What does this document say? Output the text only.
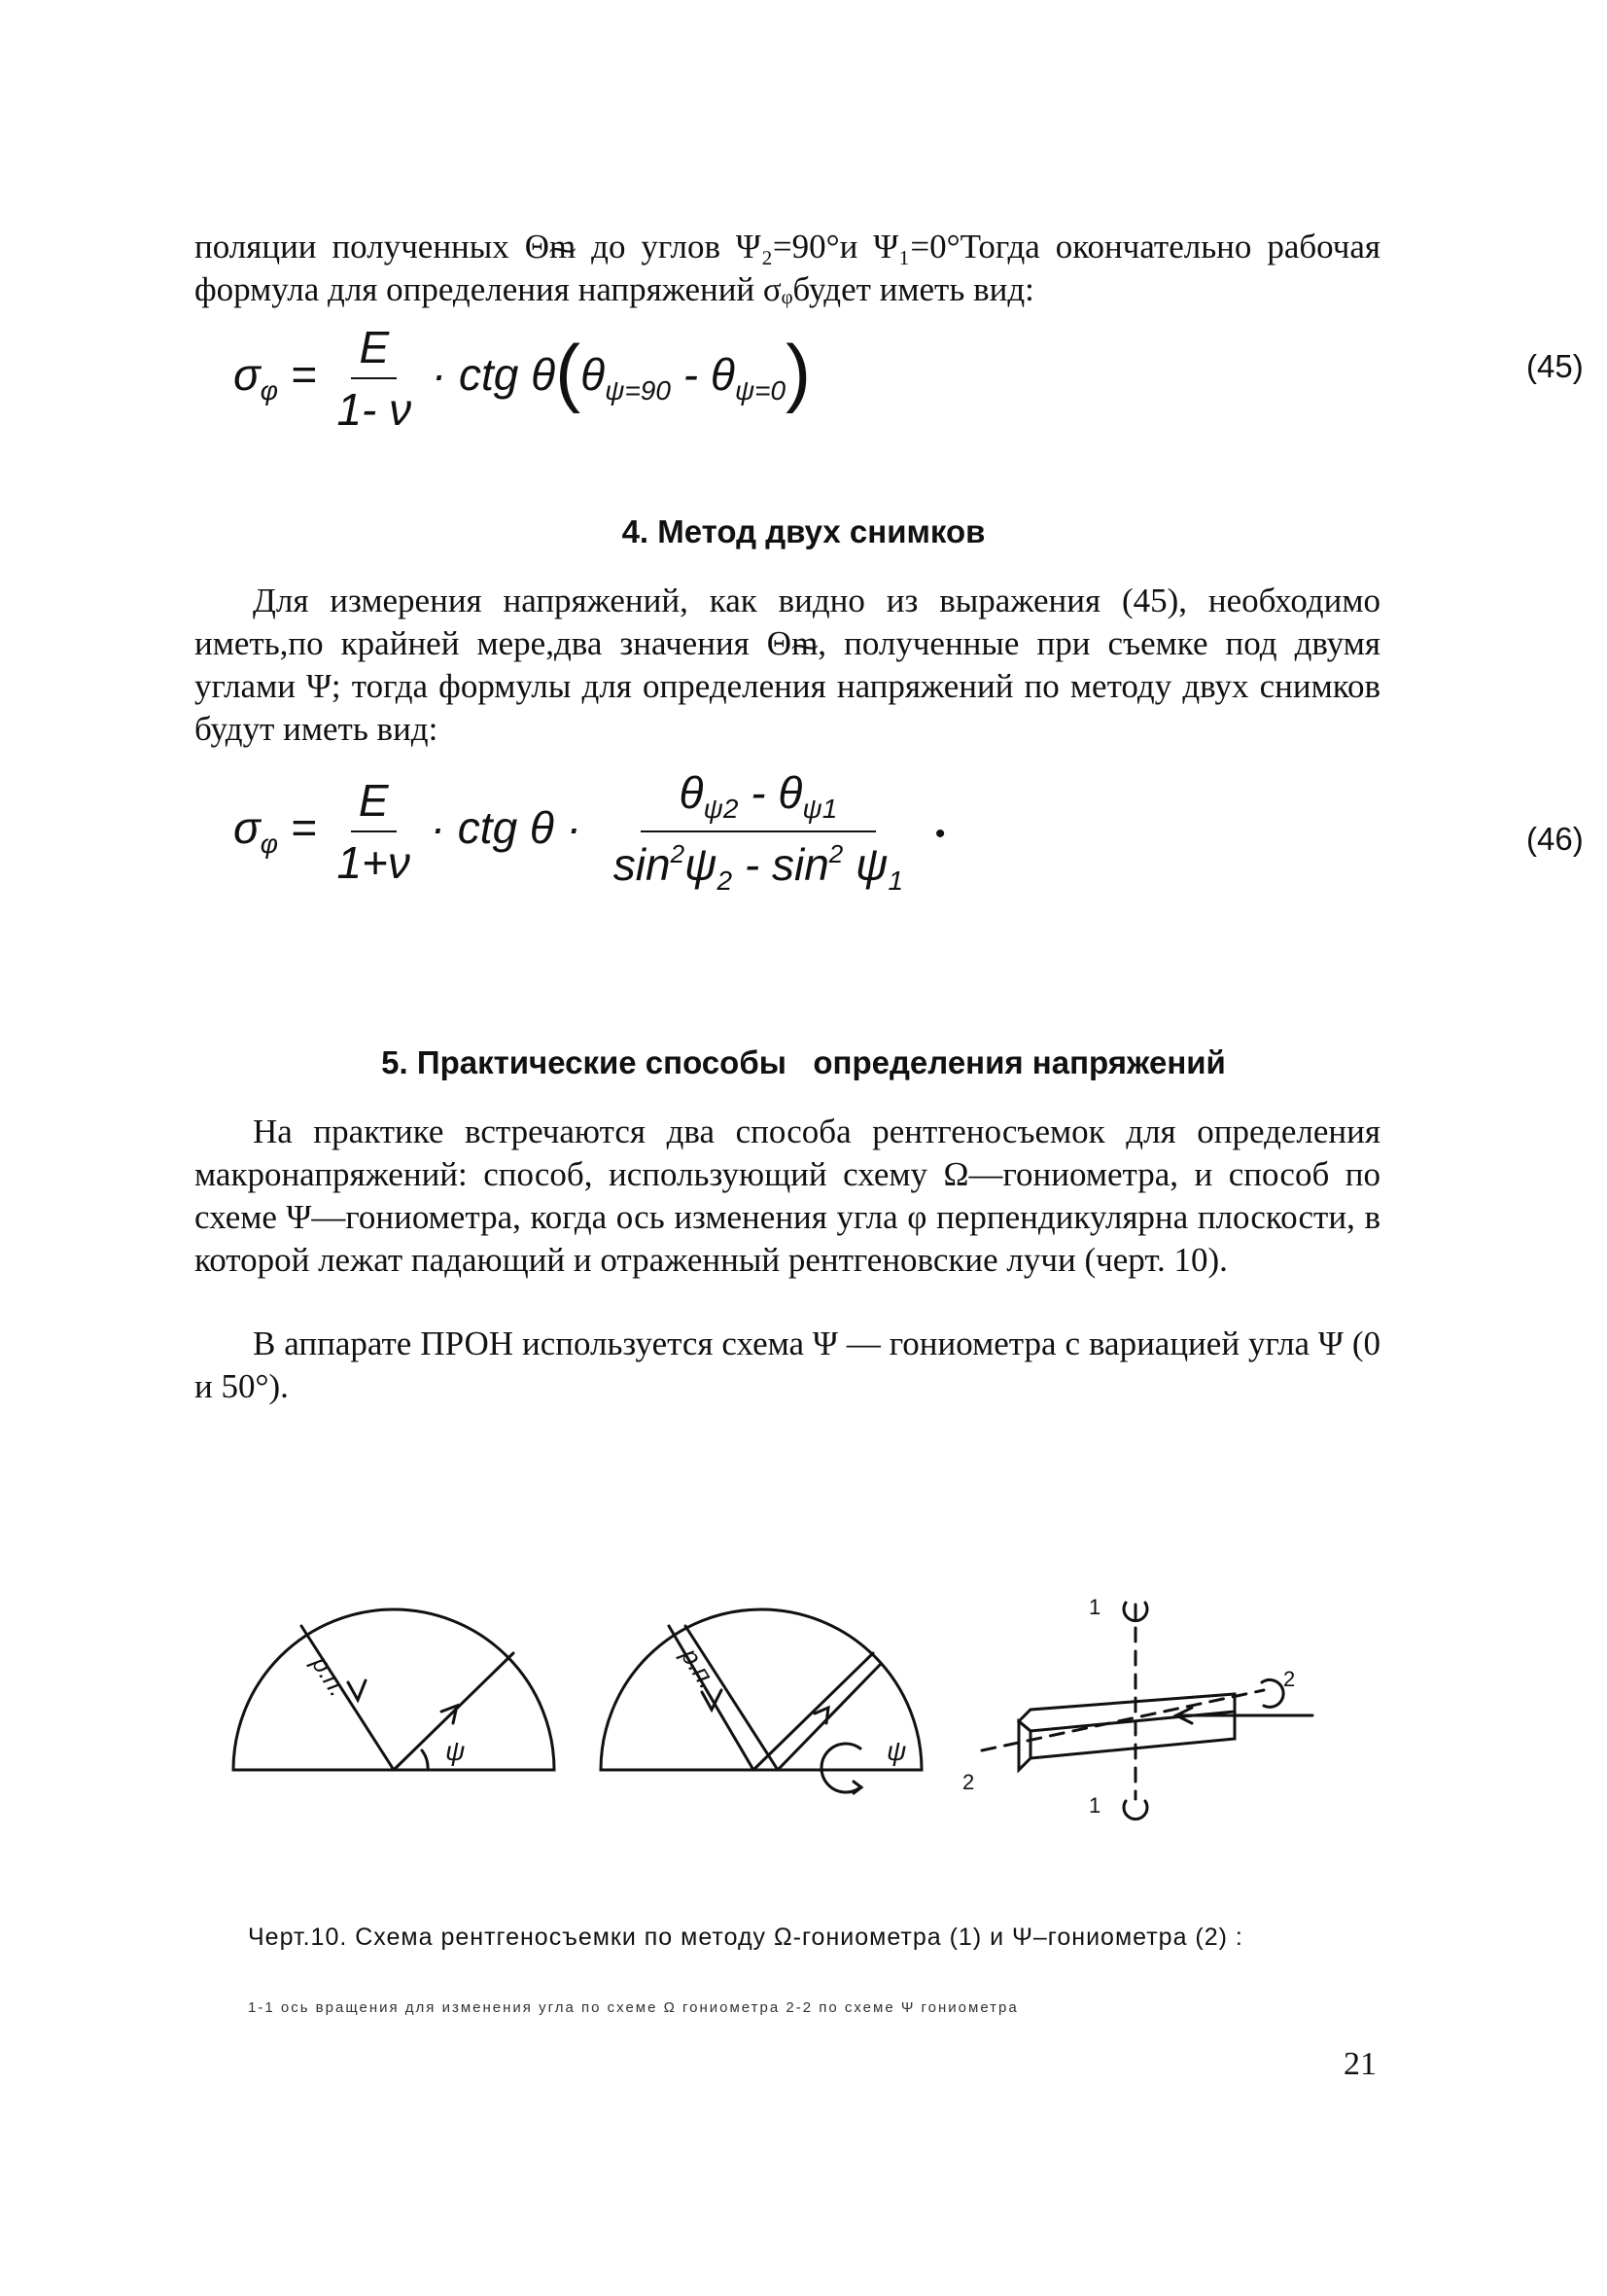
поляции полученных Θᵯ до углов Ψ₂=90°и Ψ₁=0°Тогда окончательно рабочая формула для определения напряжений σᵩбудет иметь вид:

$\sigma_\varphi = \frac{E}{1- \nu}$ · ctg $\theta(\theta_{\psi=90} - \theta_{\psi=0})$	(45)

4. Метод двух снимков

Для измерения напряжений, как видно из выражения (45), необходимо иметь,по крайней мере,два значения Θᵯ, полученные при съемке под двумя углами Ψ; тогда формулы для определения напряжений по методу двух снимков будут иметь вид:

$\sigma_\varphi = \frac{E}{1+\nu}$ · ctg $\theta \cdot \frac{\theta_{\psi 2} - \theta_{\psi 1}}{\sin^2\psi_2 - \sin^2 \psi_1}$ •	(46)

5. Практические способы   определения напряжений

На практике встречаются два способа рентгеносъемок для определения макронапряжений: способ, использующий схему Ω—гониометра, и способ по схеме Ψ—гониометра, когда ось изменения угла φ перпендикулярна плоскости, в которой лежат падающий и отраженный рентгеновские лучи (черт. 10).

В аппарате ПРОН используется схема Ψ — гониометра с вариацией угла Ψ (0 и 50°).

р.п.
ψ
р.п.
ψ
1
1
2
2

Черт.10. Схема рентгеносъемки по методу Ω-гониометра (1) и Ψ–гониометра (2) :

1-1 ось вращения для изменения угла по схеме Ω гониометра 2-2 по схеме Ψ гониометра
21
